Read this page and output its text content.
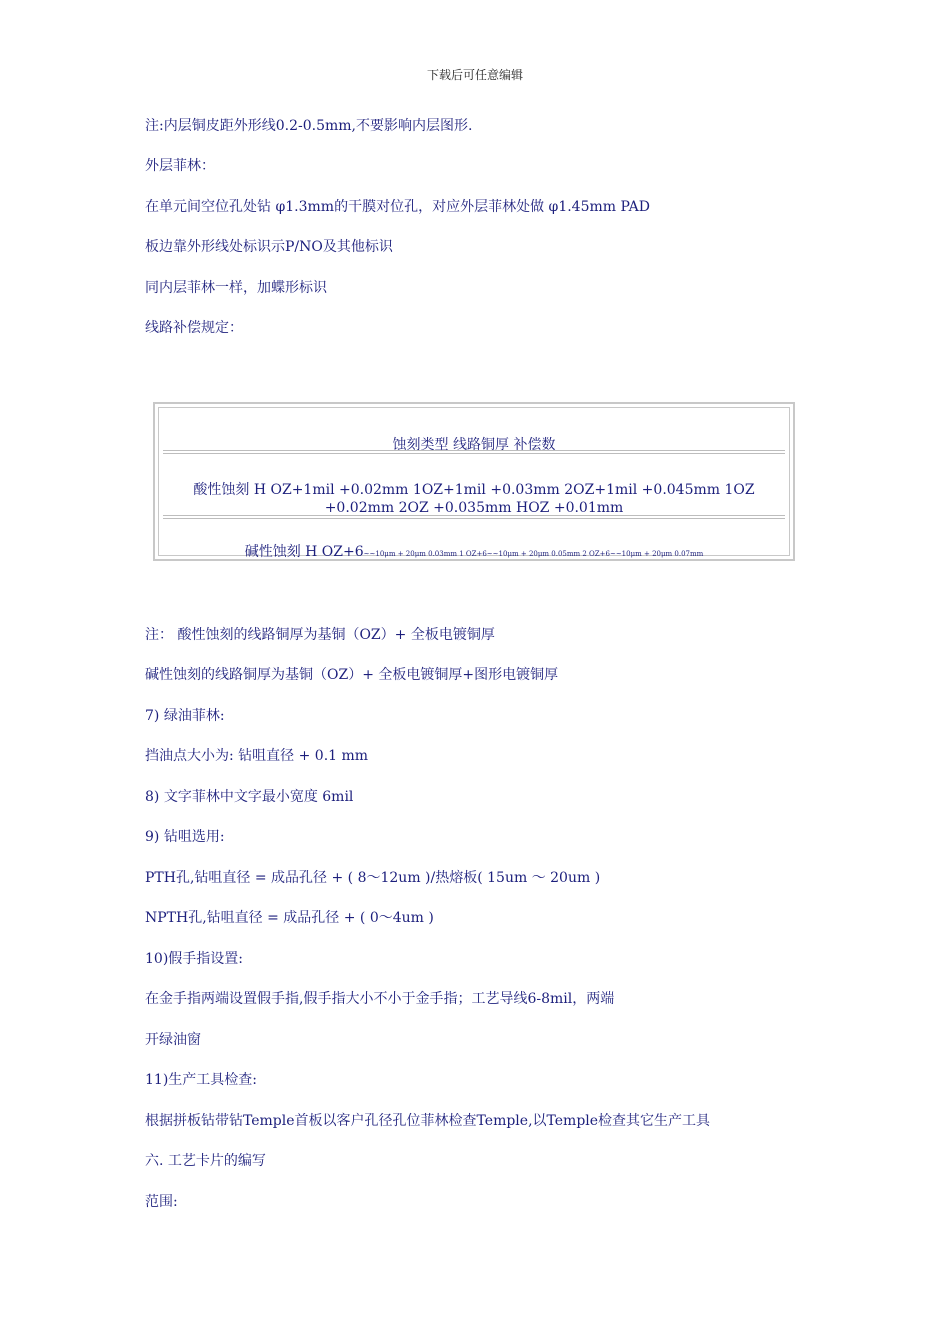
下载后可任意编辑
注:内层铜皮距外形线0.2-0.5mm,不要影响内层图形.
外层菲林：
在单元间空位孔处钻 φ1.3mm的干膜对位孔，对应外层菲林处做 φ1.45mm PAD
板边靠外形线处标识示P/NO及其他标识
同内层菲林一样，加蝶形标识
线路补偿规定：
蚀刻类型 线路铜厚 补偿数
酸性蚀刻 H OZ+1mil +0.02mm 1OZ+1mil +0.03mm 2OZ+1mil +0.045mm 1OZ +0.02mm 2OZ +0.035mm HOZ +0.01mm
碱性蚀刻 H OZ+6~~10μm + 20μm 0.03mm 1 OZ+6~~10μm + 20μm 0.05mm 2 OZ+6~~10μm + 20μm 0.07mm
注： 酸性蚀刻的线路铜厚为基铜（OZ）+ 全板电镀铜厚
碱性蚀刻的线路铜厚为基铜（OZ）+ 全板电镀铜厚+图形电镀铜厚
7) 绿油菲林:
挡油点大小为: 钻咀直径 + 0.1 mm
8) 文字菲林中文字最小宽度 6mil
9) 钻咀选用:
PTH孔,钻咀直径 = 成品孔径 + ( 8～12um )/热熔板( 15um ～ 20um )
NPTH孔,钻咀直径 = 成品孔径 + ( 0～4um )
10)假手指设置:
在金手指两端设置假手指,假手指大小不小于金手指；工艺导线6-8mil，两端
开绿油窗
11)生产工具检查:
根据拼板钻带钻Temple首板以客户孔径孔位菲林检查Temple,以Temple检查其它生产工具
六. 工艺卡片的编写
范围:
